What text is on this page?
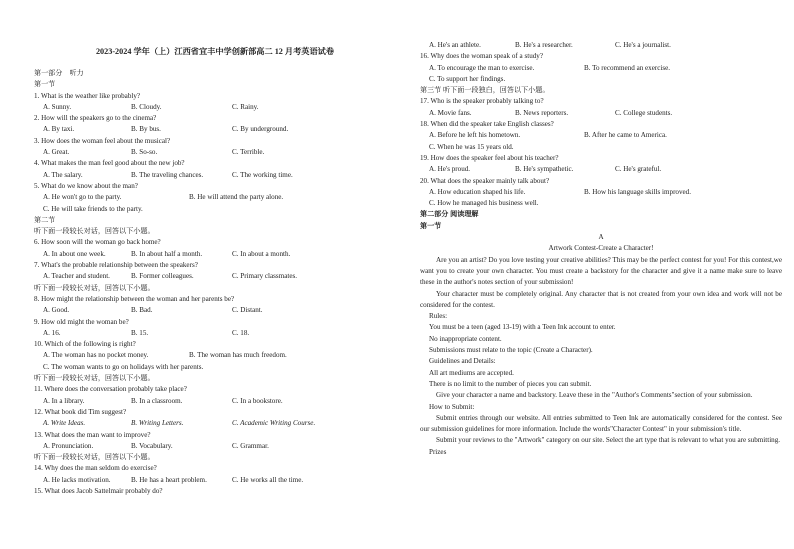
2023-2024 学年（上）江西省宜丰中学创新部高二 12 月考英语试卷
第一部分　听力
第一节
1. What is the weather like probably?
A. Sunny.	B. Cloudy.	C. Rainy.
2. How will the speakers go to the cinema?
A. By taxi.	B. By bus.	C. By underground.
3. How does the woman feel about the musical?
A. Great.	B. So-so.	C. Terrible.
4. What makes the man feel good about the new job?
A. The salary.	B. The traveling chances.	C. The working time.
5. What do we know about the man?
A. He won't go to the party.	B. He will attend the party alone.
C. He will take friends to the party.
第二节
听下面一段较长对话，回答以下小题。
6. How soon will the woman go back home?
A. In about one week.	B. In about half a month.	C. In about a month.
7. What's the probable relationship between the speakers?
A. Teacher and student.	B. Former colleagues.	C. Primary classmates.
听下面一段较长对话，回答以下小题。
8. How might the relationship between the woman and her parents be?
A. Good.	B. Bad.	C. Distant.
9. How old might the woman be?
A. 16.	B. 15.	C. 18.
10. Which of the following is right?
A. The woman has no pocket money.	B. The woman has much freedom.
C. The woman wants to go on holidays with her parents.
听下面一段较长对话，回答以下小题。
11. Where does the conversation probably take place?
A. In a library.	B. In a classroom.	C. In a bookstore.
12. What book did Tim suggest?
A. Write Ideas.	B. Writing Letters.	C. Academic Writing Course.
13. What does the man want to improve?
A. Pronunciation.	B. Vocabulary.	C. Grammar.
听下面一段较长对话，回答以下小题。
14. Why does the man seldom do exercise?
A. He lacks motivation.	B. He has a heart problem.	C. He works all the time.
15. What does Jacob Sattelmair probably do?
A. He's an athlete.	B. He's a researcher.	C. He's a journalist.
16. Why does the woman speak of a study?
A. To encourage the man to exercise.	B. To recommend an exercise.
C. To support her findings.
第三节 听下面一段独白，回答以下小题。
17. Who is the speaker probably talking to?
A. Movie fans.	B. News reporters.	C. College students.
18. When did the speaker take English classes?
A. Before he left his hometown.	B. After he came to America.
C. When he was 15 years old.
19. How does the speaker feel about his teacher?
A. He's proud.	B. He's sympathetic.	C. He's grateful.
20. What does the speaker mainly talk about?
A. How education shaped his life.	B. How his language skills improved.
C. How he managed his business well.
第二部分 阅读理解
第一节
A
Artwork Contest-Create a Character!
Are you an artist? Do you love testing your creative abilities? This may be the perfect contest for you! For this contest,we want you to create your own character. You must create a backstory for the character and give it a name make sure to leave these in the author's notes section of your submission!
Your character must be completely original. Any character that is not created from your own idea and work will not be considered for the contest.
Rules:
You must be a teen (aged 13-19) with a Teen Ink account to enter.
No inappropriate content.
Submissions must relate to the topic (Create a Character).
Guidelines and Details:
All art mediums are accepted.
There is no limit to the number of pieces you can submit.
Give your character a name and backstory. Leave these in the "Author's Comments"section of your submission.
How to Submit:
Submit entries through our website. All entries submitted to Teen Ink are automatically considered for the contest. See our submission guidelines for more information. Include the words"Character Contest" in your submission's title.
Submit your reviews to the "Artwork" category on our site. Select the art type that is relevant to what you are submitting.
Prizes
